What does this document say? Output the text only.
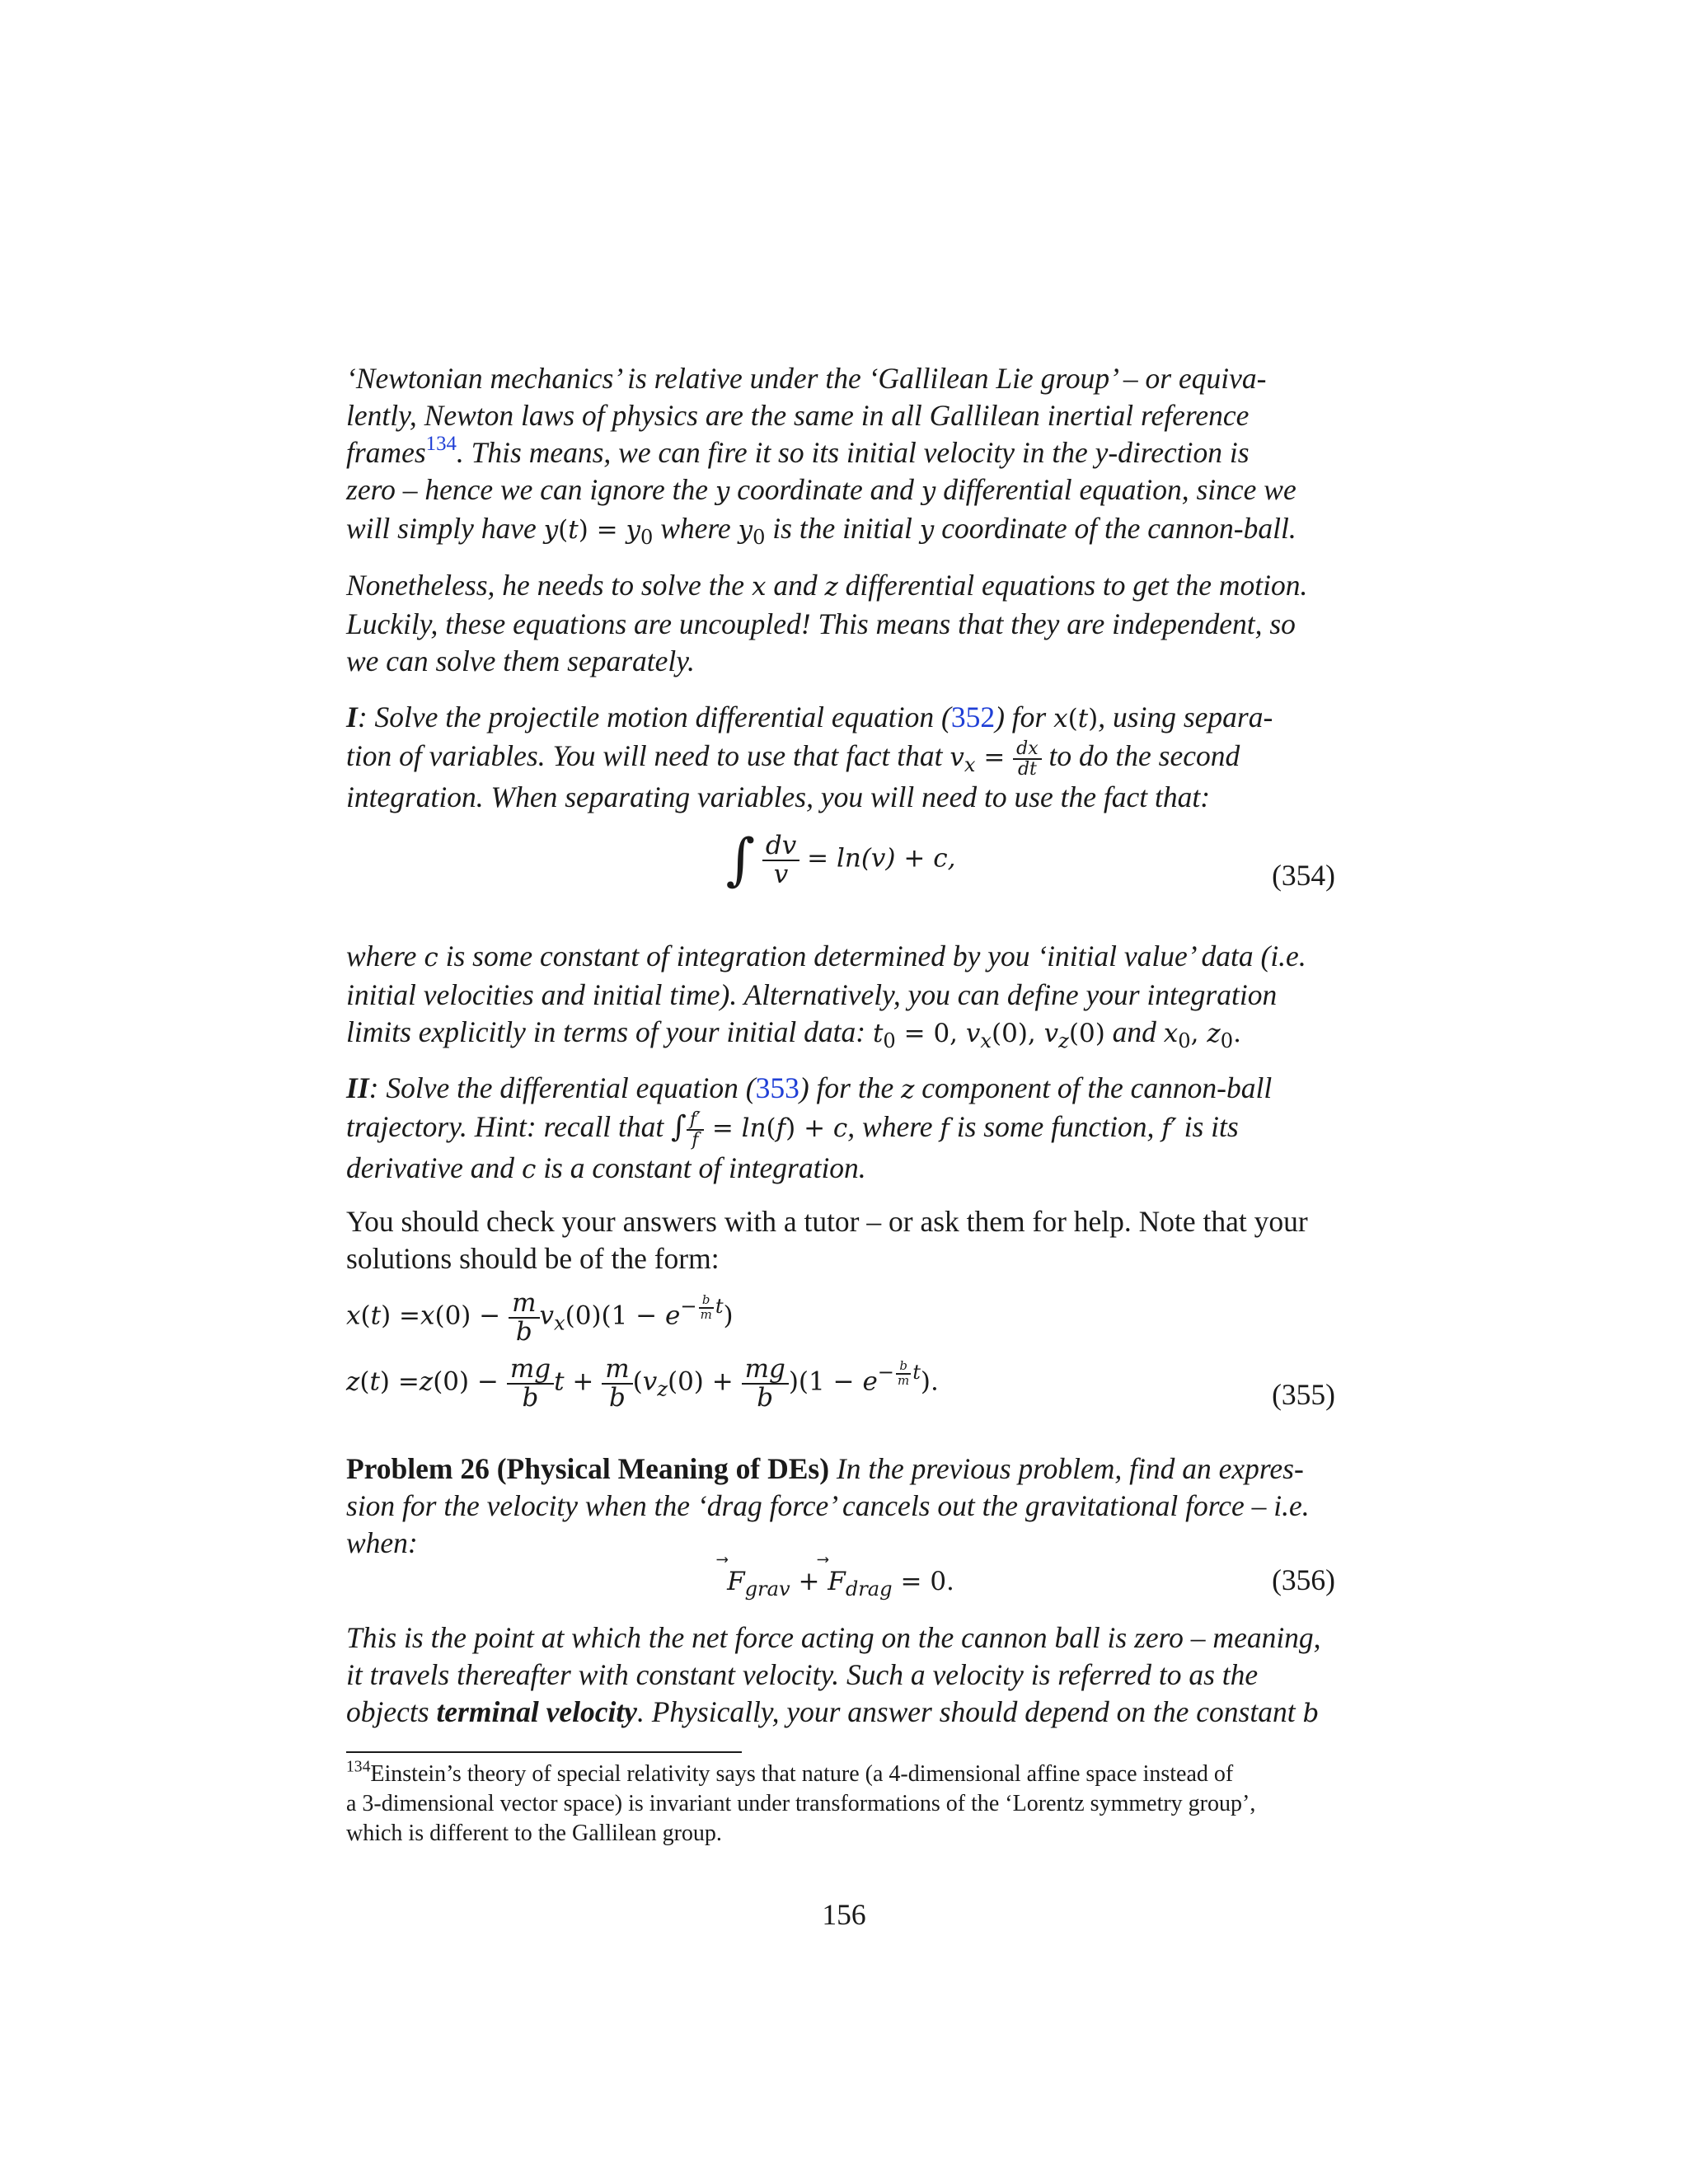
‘Newtonian mechanics’ is relative under the ‘Gallilean Lie group’ – or equiva-
lently, Newton laws of physics are the same in all Gallilean inertial reference
frames$^{134}$. This means, we can fire it so its initial velocity in the y-direction is
zero – hence we can ignore the y coordinate and y differential equation, since we
will simply have $y(t) = y_0$ where $y_0$ is the initial y coordinate of the cannon-ball.
Nonetheless, he needs to solve the x and z differential equations to get the motion.
Luckily, these equations are uncoupled! This means that they are independent, so
we can solve them separately.
I: Solve the projectile motion differential equation (352) for x(t), using separa-
tion of variables. You will need to use that fact that $v_x = \frac{dx}{dt}$ to do the second
integration. When separating variables, you will need to use the fact that:
∫ $\frac{dv}{v} = \ln(v) + c$,
(354)
where c is some constant of integration determined by you ‘initial value’ data (i.e.
initial velocities and initial time). Alternatively, you can define your integration
limits explicitly in terms of your initial data: $t_0 = 0$, $v_x(0)$, $v_z(0)$ and $x_0$, $z_0$.
II: Solve the differential equation (353) for the z component of the cannon-ball
trajectory. Hint: recall that ∫ $\frac{f'}{f} = \ln(f) + c$, where f is some function, f′ is its
derivative and c is a constant of integration.
You should check your answers with a tutor – or ask them for help. Note that your
solutions should be of the form:
$x(t) =x(0) - \frac{m}{b} v_x(0)(1 - e^{- \frac{b}{m} t})$
$z(t) =z(0) - \frac{mg}{b}$ $t + \frac{m}{b} (v_z(0) + \frac{mg}{b} )(1 - e^{- \frac{b}{m} t})$.	(355)
Problem 26 (Physical Meaning of DEs) In the previous problem, find an expres-
sion for the velocity when the ‘drag force’ cancels out the gravitational force – i.e.
when:
F
$_{grav}$ + F
$_{drag}$ = 0.	(356)
This is the point at which the net force acting on the cannon ball is zero – meaning,
it travels thereafter with constant velocity. Such a velocity is referred to as the
objects terminal velocity. Physically, your answer should depend on the constant b
$^{134}$Einstein’s theory of special relativity says that nature (a 4-dimensional affine space instead of
a 3-dimensional vector space) is invariant under transformations of the ‘Lorentz symmetry group’,
which is different to the Gallilean group.
156
